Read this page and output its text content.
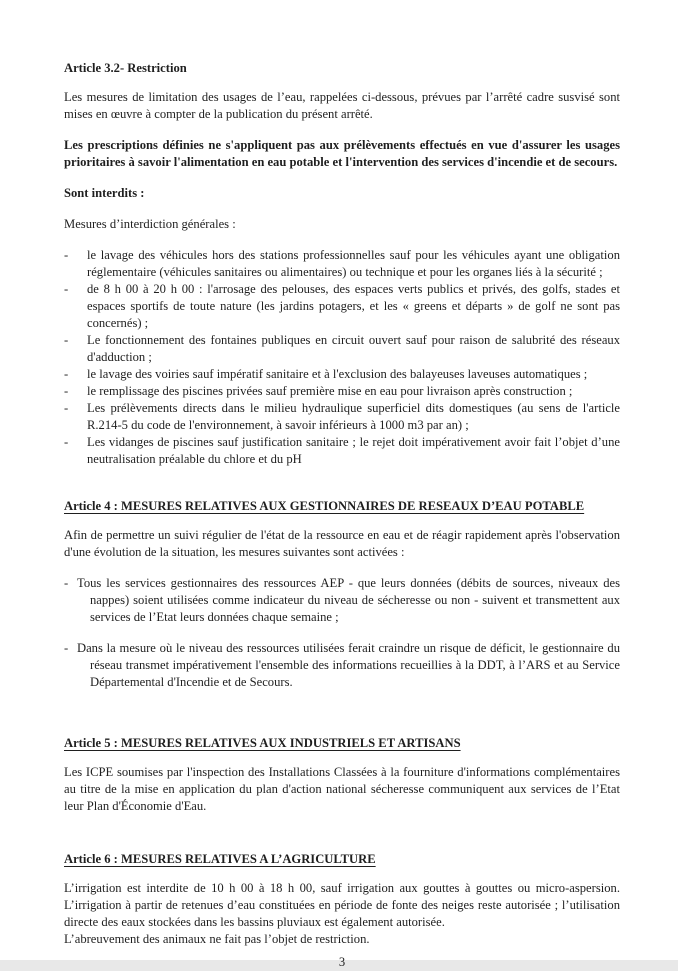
Article 3.2- Restriction

Les mesures de limitation des usages de l’eau, rappelées ci-dessous, prévues par l’arrêté cadre susvisé sont mises en œuvre à compter de la publication du présent arrêté.

Les prescriptions définies ne s'appliquent pas aux prélèvements effectués en vue d'assurer les usages prioritaires à savoir l'alimentation en eau potable et l'intervention des services d'incendie et de secours.

Sont interdits :

Mesures d’interdiction générales :

- le lavage des véhicules hors des stations professionnelles sauf pour les véhicules ayant une obligation réglementaire (véhicules sanitaires ou alimentaires) ou technique et pour les organes liés à la sécurité ;
- de 8 h 00 à 20 h 00 : l'arrosage des pelouses, des espaces verts publics et privés, des golfs, stades et espaces sportifs de toute nature (les jardins potagers, et les « greens et départs » de golf ne sont pas concernés) ;
- Le fonctionnement des fontaines publiques en circuit ouvert sauf pour raison de salubrité des réseaux d'adduction ;
- le lavage des voiries sauf impératif sanitaire et à l'exclusion des balayeuses laveuses automatiques ;
- le remplissage des piscines privées sauf première mise en eau pour livraison après construction ;
- Les prélèvements directs dans le milieu hydraulique superficiel dits domestiques (au sens de l'article R.214-5 du code de l'environnement, à savoir inférieurs à 1000 m3 par an) ;
- Les vidanges de piscines sauf justification sanitaire ; le rejet doit impérativement avoir fait l’objet d’une neutralisation préalable du chlore et du pH

Article 4 : MESURES RELATIVES AUX GESTIONNAIRES DE RESEAUX D’EAU POTABLE

Afin de permettre un suivi régulier de l'état de la ressource en eau et de réagir rapidement après l'observation d'une évolution de la situation, les mesures suivantes sont activées :

- Tous les services gestionnaires des ressources AEP - que leurs données (débits de sources, niveaux des nappes) soient utilisées comme indicateur du niveau de sécheresse ou non - suivent et transmettent aux services de l’Etat leurs données chaque semaine ;
- Dans la mesure où le niveau des ressources utilisées ferait craindre un risque de déficit, le gestionnaire du réseau transmet impérativement l'ensemble des informations recueillies à la DDT, à l’ARS et au Service Départemental d'Incendie et de Secours.

Article 5 : MESURES RELATIVES AUX INDUSTRIELS ET ARTISANS

Les ICPE soumises par l'inspection des Installations Classées à la fourniture d'informations complémentaires au titre de la mise en application du plan d'action national sécheresse communiquent aux services de l’Etat leur Plan d'Économie d'Eau.

Article 6 : MESURES RELATIVES A L’AGRICULTURE

L’irrigation est interdite de 10 h 00 à 18 h 00, sauf irrigation aux gouttes à gouttes ou micro-aspersion. L’irrigation à partir de retenues d’eau constituées en période de fonte des neiges reste autorisée ; l’utilisation directe des eaux stockées dans les bassins pluviaux est également autorisée.

L’abreuvement des animaux ne fait pas l’objet de restriction.

3
